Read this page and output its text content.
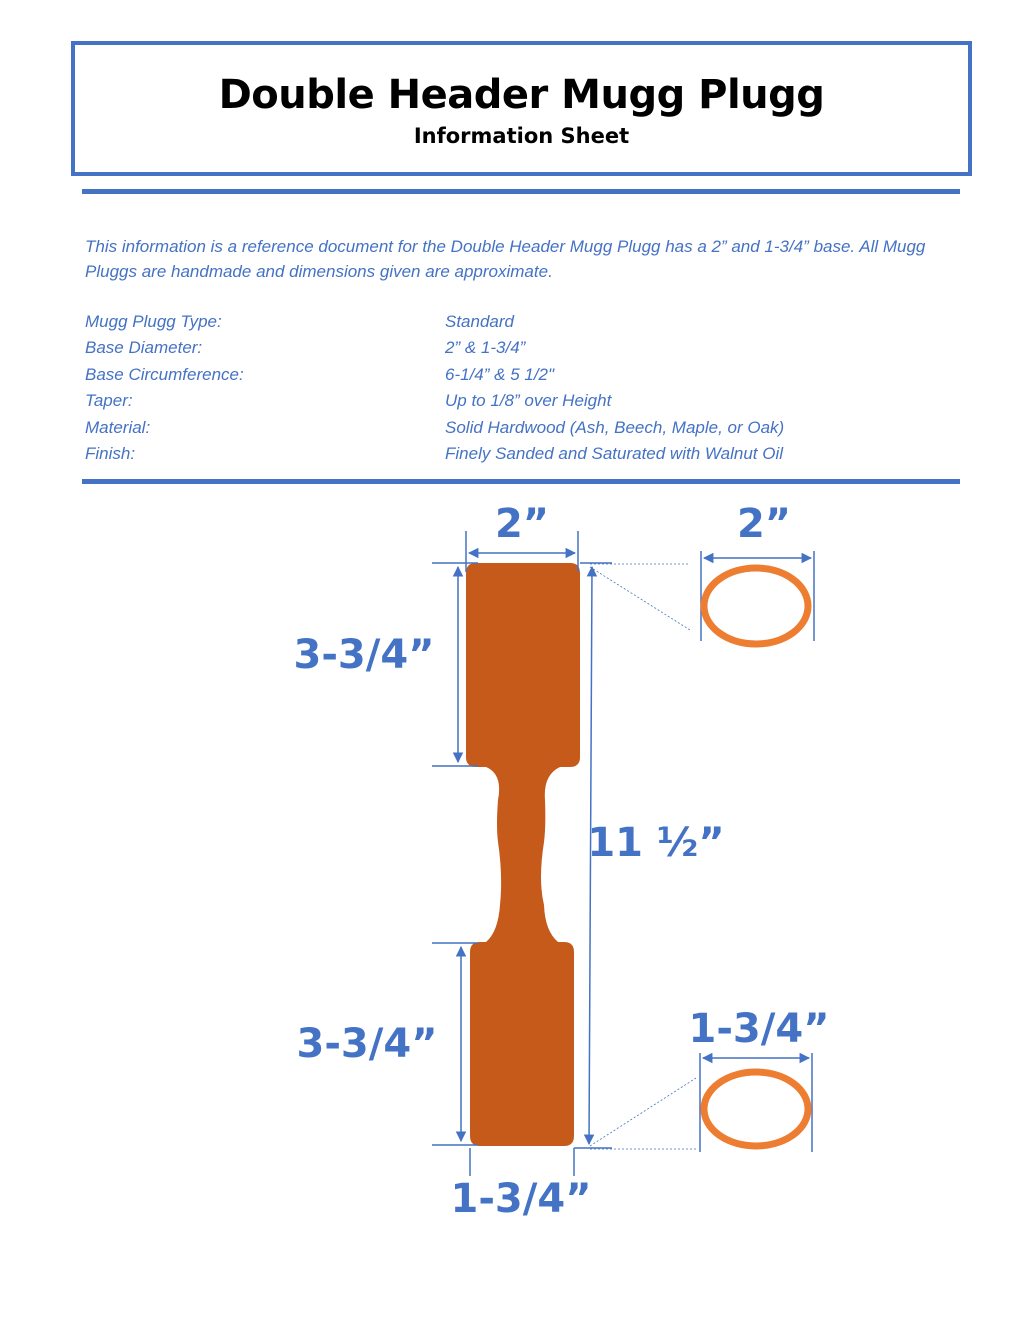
Double Header Mugg Plugg
Information Sheet

This information is a reference document for the Double Header Mugg Plugg has a 2” and 1-3/4” base. All Mugg Pluggs are handmade and dimensions given are approximate.

Mugg Plugg Type:	Standard
Base Diameter:	2” & 1-3/4”
Base Circumference:	6-1/4” & 5 1/2"
Taper:	Up to 1/8” over Height
Material:	Solid Hardwood (Ash, Beech, Maple, or Oak)
Finish:	Finely Sanded and Saturated with Walnut Oil
2”
3-3/4”
3-3/4”
11 ½”
1-3/4”
2”
1-3/4”
